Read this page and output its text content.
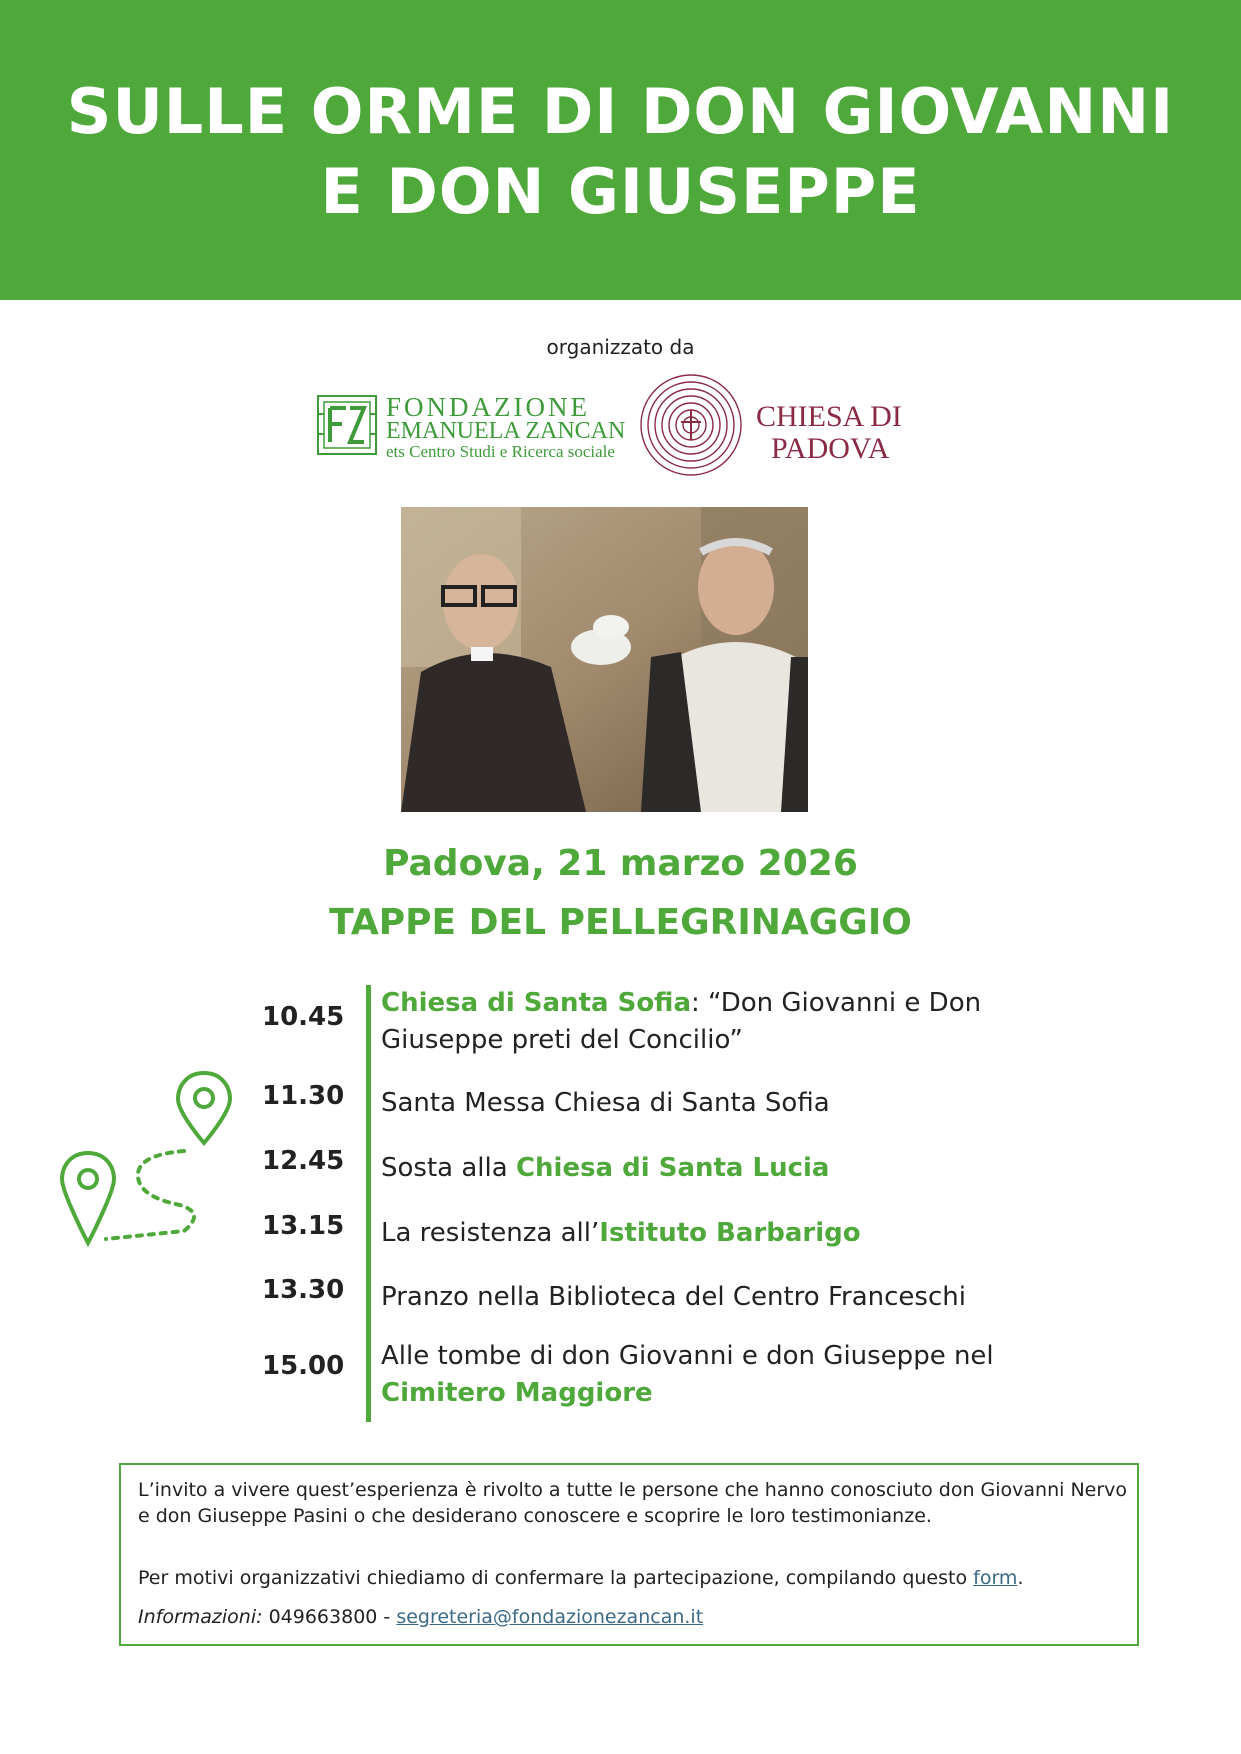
SULLE ORME DI DON GIOVANNI
E DON GIUSEPPE
organizzato da
FONDAZIONE
EMANUELA ZANCAN
ets Centro Studi e Ricerca sociale
CHIESA DI
PADOVA
Padova, 21 marzo 2026
TAPPE DEL PELLEGRINAGGIO
10.45 Chiesa di Santa Sofia: “Don Giovanni e Don Giuseppe preti del Concilio”
11.30 Santa Messa Chiesa di Santa Sofia
12.45 Sosta alla Chiesa di Santa Lucia
13.15 La resistenza all’Istituto Barbarigo
13.30 Pranzo nella Biblioteca del Centro Franceschi
15.00 Alle tombe di don Giovanni e don Giuseppe nel Cimitero Maggiore
L’invito a vivere quest’esperienza è rivolto a tutte le persone che hanno conosciuto don Giovanni Nervo e don Giuseppe Pasini o che desiderano conoscere e scoprire le loro testimonianze.
Per motivi organizzativi chiediamo di confermare la partecipazione, compilando questo form.
Informazioni: 049663800 - segreteria@fondazionezancan.it
